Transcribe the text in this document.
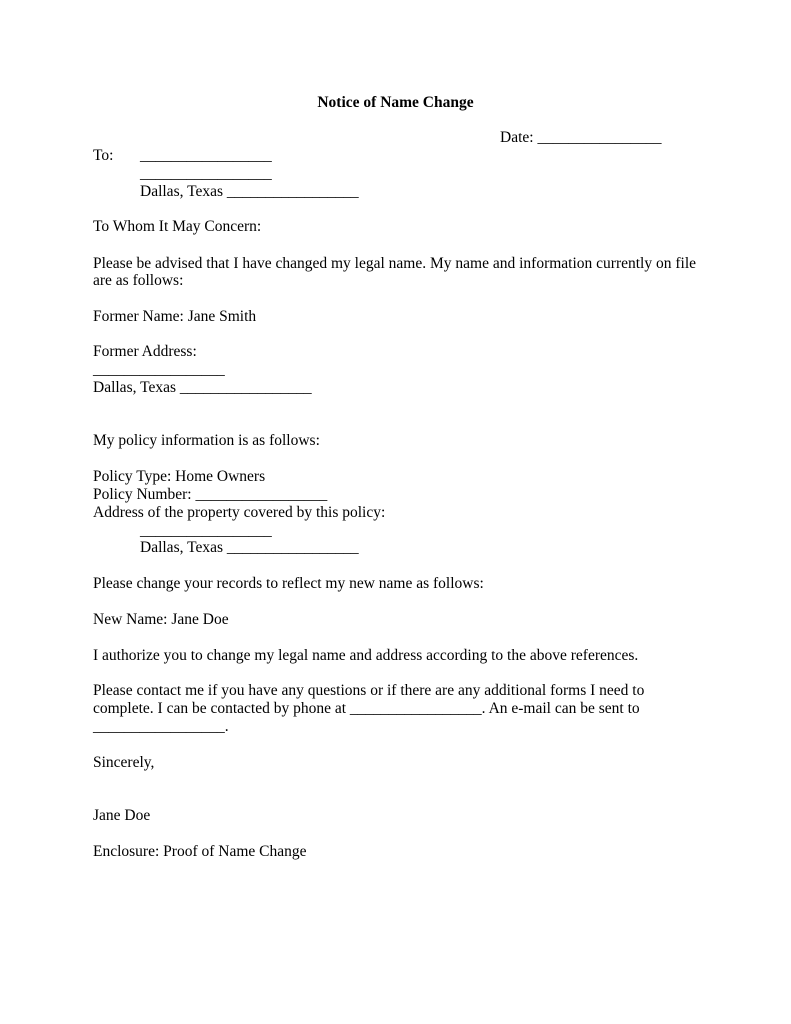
Notice of Name Change
Date: ________________
To: _________________
_________________
Dallas, Texas _________________
To Whom It May Concern:
Please be advised that I have changed my legal name. My name and information currently on file
are as follows:
Former Name: Jane Smith
Former Address:
_________________
Dallas, Texas _________________
My policy information is as follows:
Policy Type: Home Owners
Policy Number: _________________
Address of the property covered by this policy:
_________________
Dallas, Texas _________________
Please change your records to reflect my new name as follows:
New Name: Jane Doe
I authorize you to change my legal name and address according to the above references.
Please contact me if you have any questions or if there are any additional forms I need to
complete. I can be contacted by phone at _________________. An e-mail can be sent to
_________________.
Sincerely,
Jane Doe
Enclosure: Proof of Name Change
